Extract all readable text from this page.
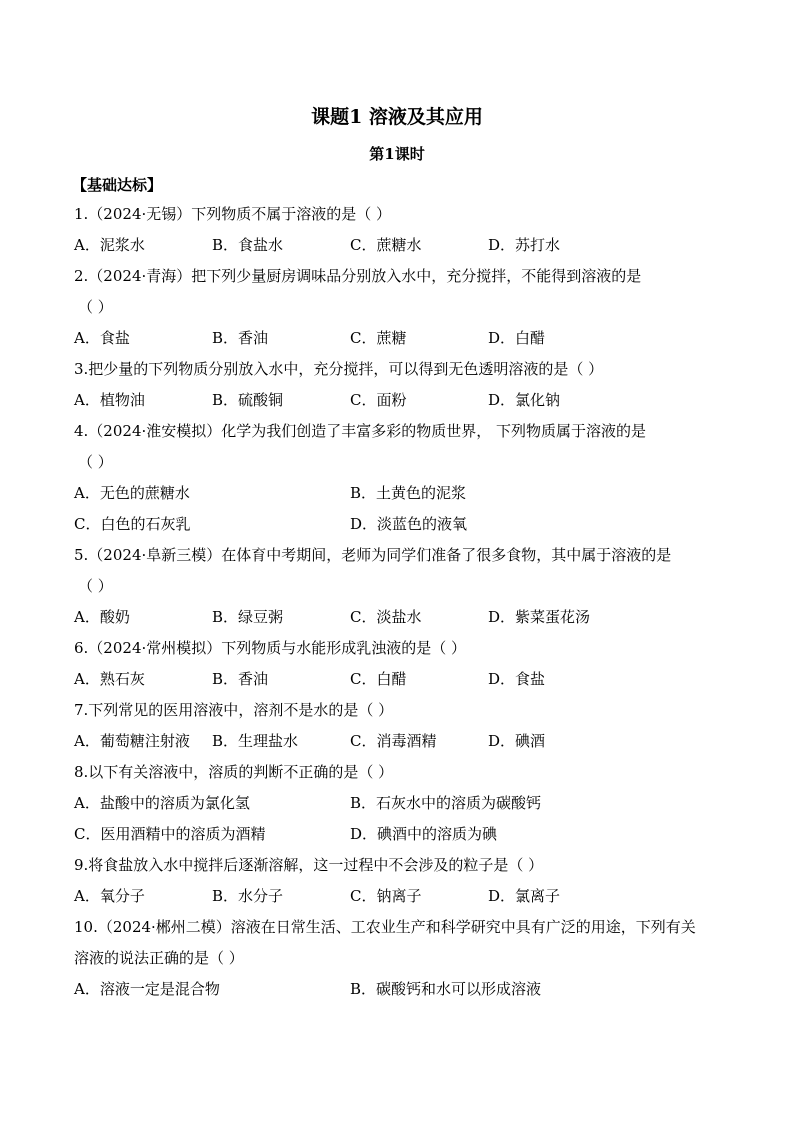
课题1 溶液及其应用
第1课时
【基础达标】
1.（2024·无锡）下列物质不属于溶液的是（ ）
A．泥浆水	B．食盐水	C．蔗糖水	D．苏打水
2.（2024·青海）把下列少量厨房调味品分别放入水中，充分搅拌，不能得到溶液的是
（ ）
A．食盐	B．香油	C．蔗糖	D．白醋
3.把少量的下列物质分别放入水中，充分搅拌，可以得到无色透明溶液的是（ ）
A．植物油	B．硫酸铜	C．面粉	D．氯化钠
4.（2024·淮安模拟）化学为我们创造了丰富多彩的物质世界， 下列物质属于溶液的是
（ ）
A．无色的蔗糖水	B．土黄色的泥浆
C．白色的石灰乳	D．淡蓝色的液氧
5.（2024·阜新三模）在体育中考期间，老师为同学们准备了很多食物，其中属于溶液的是
（ ）
A．酸奶	B．绿豆粥	C．淡盐水	D．紫菜蛋花汤
6.（2024·常州模拟）下列物质与水能形成乳浊液的是（ ）
A．熟石灰	B．香油	C．白醋	D．食盐
7.下列常见的医用溶液中，溶剂不是水的是（ ）
A．葡萄糖注射液	B．生理盐水	C．消毒酒精	D．碘酒
8.以下有关溶液中，溶质的判断不正确的是（ ）
A．盐酸中的溶质为氯化氢	B．石灰水中的溶质为碳酸钙
C．医用酒精中的溶质为酒精	D．碘酒中的溶质为碘
9.将食盐放入水中搅拌后逐渐溶解，这一过程中不会涉及的粒子是（ ）
A．氧分子	B．水分子	C．钠离子	D．氯离子
10.（2024·郴州二模）溶液在日常生活、工农业生产和科学研究中具有广泛的用途，下列有关
溶液的说法正确的是（ ）
A．溶液一定是混合物	B．碳酸钙和水可以形成溶液
